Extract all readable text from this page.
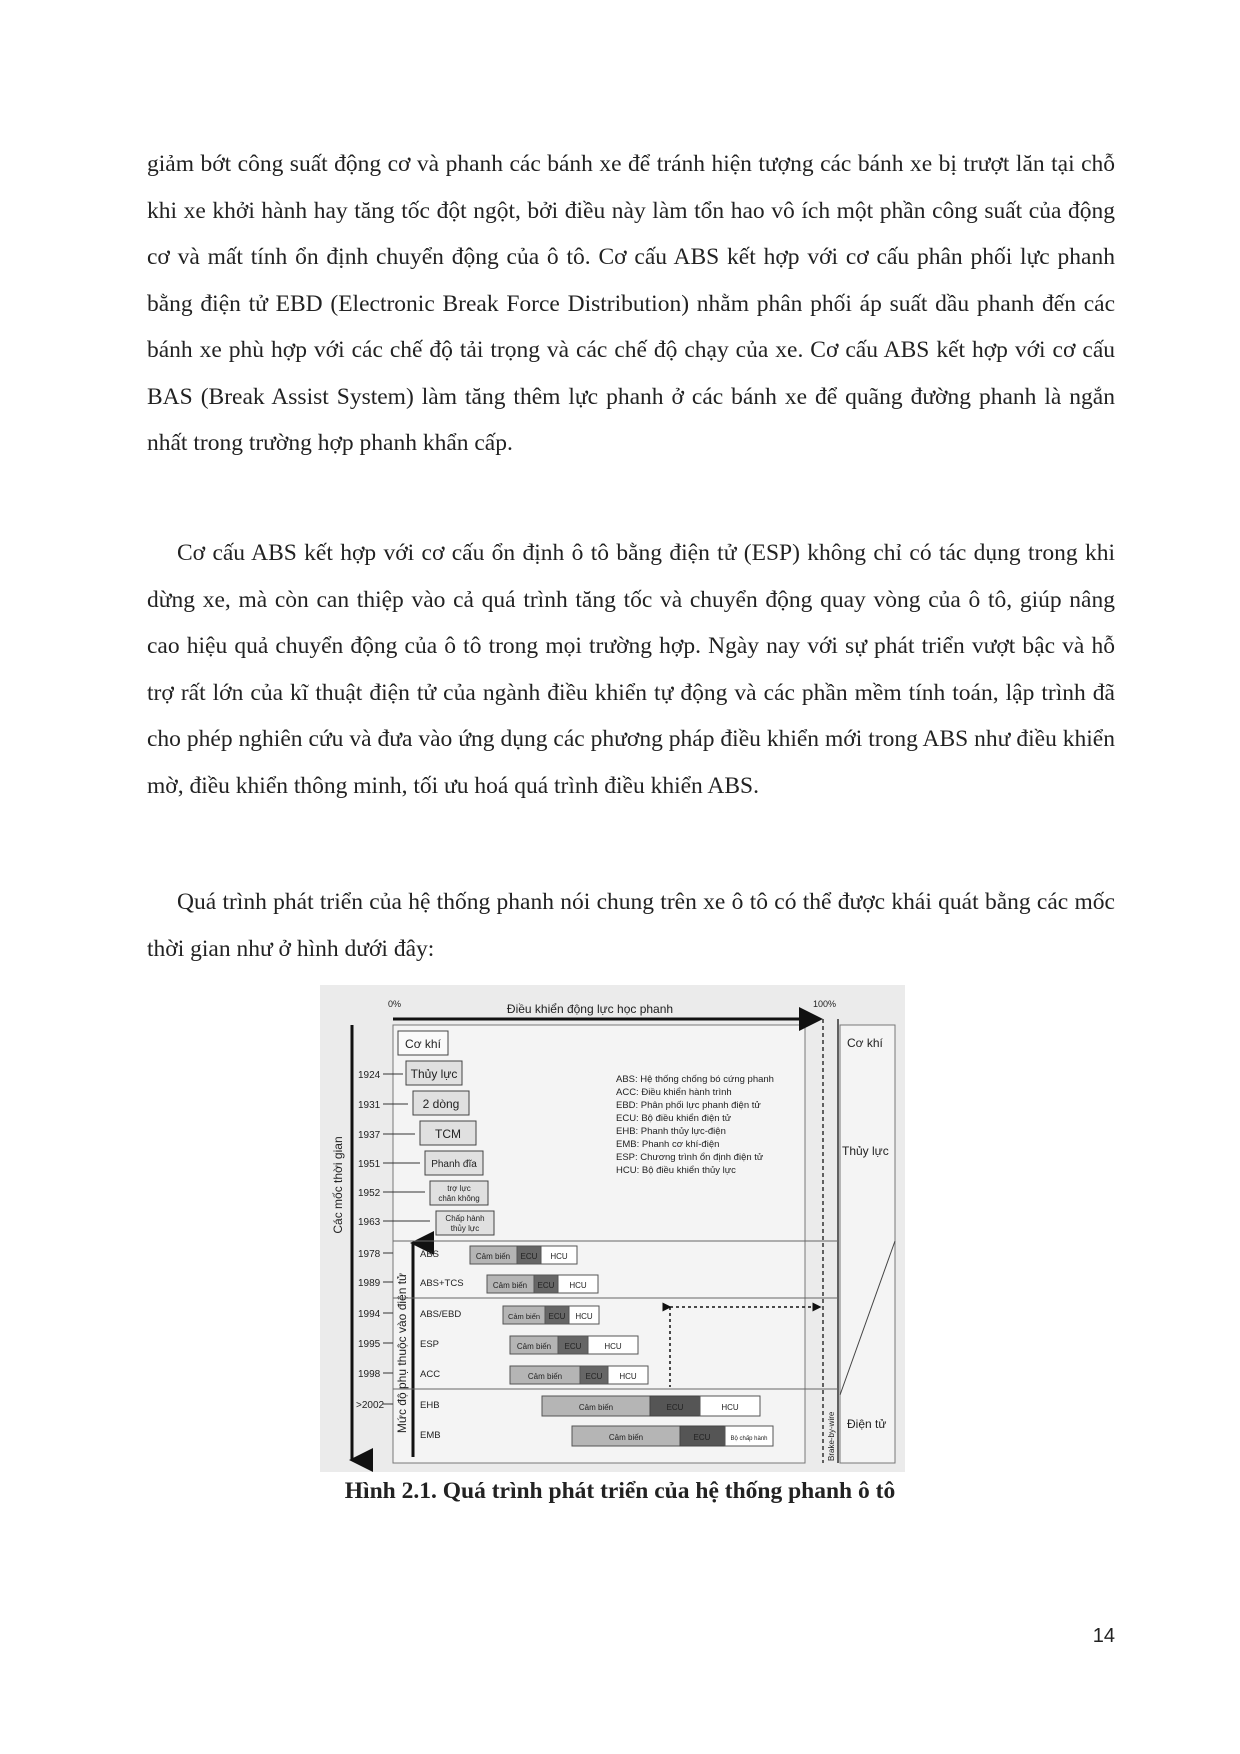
giảm bớt công suất động cơ và phanh các bánh xe để tránh hiện tượng các bánh xe bị trượt lăn tại chỗ khi xe khởi hành hay tăng tốc đột ngột, bởi điều này làm tổn hao vô ích một phần công suất của động cơ và mất tính ổn định chuyển động của ô tô. Cơ cấu ABS kết hợp với cơ cấu phân phối lực phanh bằng điện tử EBD (Electronic Break Force Distribution) nhằm phân phối áp suất dầu phanh đến các bánh xe phù hợp với các chế độ tải trọng và các chế độ chạy của xe. Cơ cấu ABS kết hợp với cơ cấu BAS (Break Assist System) làm tăng thêm lực phanh ở các bánh xe để quãng đường phanh là ngắn nhất trong trường hợp phanh khẩn cấp.

Cơ cấu ABS kết hợp với cơ cấu ổn định ô tô bằng điện tử (ESP) không chỉ có tác dụng trong khi dừng xe, mà còn can thiệp vào cả quá trình tăng tốc và chuyển động quay vòng của ô tô, giúp nâng cao hiệu quả chuyển động của ô tô trong mọi trường hợp. Ngày nay với sự phát triển vượt bậc và hỗ trợ rất lớn của kĩ thuật điện tử của ngành điều khiển tự động và các phần mềm tính toán, lập trình đã cho phép nghiên cứu và đưa vào ứng dụng các phương pháp điều khiển mới trong ABS như điều khiển mờ, điều khiển thông minh, tối ưu hoá quá trình điều khiển ABS.

Quá trình phát triển của hệ thống phanh nói chung trên xe ô tô có thể được khái quát bằng các mốc thời gian như ở hình dưới đây:

0%	Điều khiển động lực học phanh	100%
Các mốc thời gian
1924
1931
1937
1951
1952
1963
1978
1989
1994
1995
1998
>2002
Cơ khí
Thủy lực
2 dòng
TCM
Phanh đĩa
trợ lực
chân không
Chấp hành
thủy lực
ABS: Hệ thống chống bó cứng phanh
ACC: Điều khiển hành trình
EBD: Phân phối lực phanh điện tử
ECU: Bộ điều khiển điện tử
EHB: Phanh thủy lực-điện
EMB: Phanh cơ khí-điện
ESP: Chương trình ổn định điện tử
HCU: Bộ điều khiển thủy lực
Mức độ phụ thuộc vào điện tử
ABS	Cảm biến ECU HCU
ABS+TCS	Cảm biến ECU HCU
ABS/EBD	Cảm biến ECU HCU
ESP	Cảm biến ECU	HCU
ACC	Cảm biến	ECU HCU
EHB	Cảm biến	ECU	HCU
EMB	Cảm biến	ECU	Bộ chấp hành	Brake-by-wire
Cơ khí
Thủy lực
Điện tử

Hình 2.1. Quá trình phát triển của hệ thống phanh ô tô

14
